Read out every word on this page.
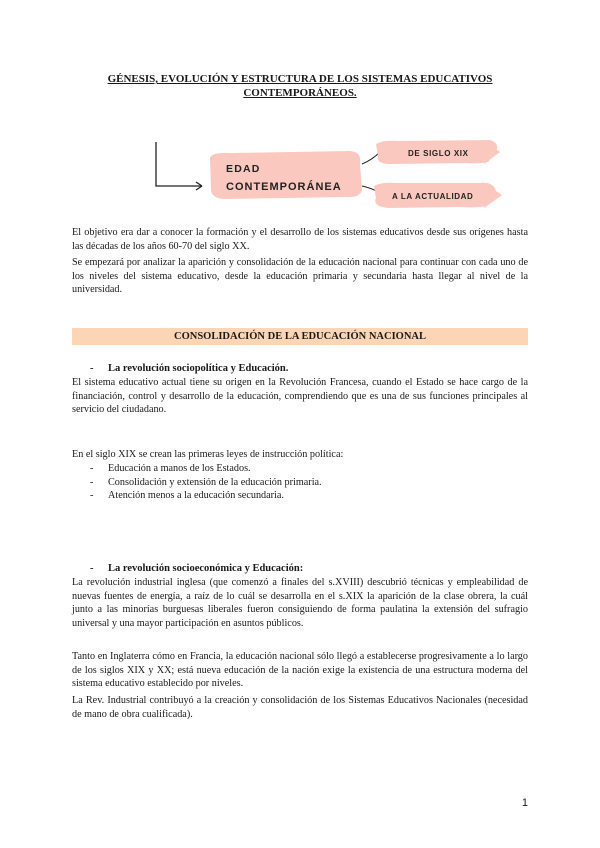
GÉNESIS, EVOLUCIÓN Y ESTRUCTURA DE LOS SISTEMAS EDUCATIVOS
CONTEMPORÁNEOS.
EDAD
CONTEMPORÁNEA
DE SIGLO XIX
A LA ACTUALIDAD

El objetivo era dar a conocer la formación y el desarrollo de los sistemas educativos desde sus orígenes hasta las décadas de los años 60-70 del siglo XX.

Se empezará por analizar la aparición y consolidación de la educación nacional para continuar con cada uno de los niveles del sistema educativo, desde la educación primaria y secundaria hasta llegar al nivel de la universidad.

CONSOLIDACIÓN DE LA EDUCACIÓN NACIONAL
- La revolución sociopolítica y Educación.

El sistema educativo actual tiene su origen en la Revolución Francesa, cuando el Estado se hace cargo de la financiación, control y desarrollo de la educación, comprendiendo que es una de sus funciones principales al servicio del ciudadano.

En el siglo XIX se crean las primeras leyes de instrucción política:

- Educación a manos de los Estados.
- Consolidación y extensión de la educación primaria.
- Atención menos a la educación secundaria.
- La revolución socioeconómica y Educación:

La revolución industrial inglesa (que comenzó a finales del s.XVIII) descubrió técnicas y empleabilidad de nuevas fuentes de energía, a raíz de lo cuál se desarrolla en el s.XIX la aparición de la clase obrera, la cuál junto a las minorías burguesas liberales fueron consiguiendo de forma paulatina la extensión del sufragio universal y una mayor participación en asuntos públicos.

Tanto en Inglaterra cómo en Francia, la educación nacional sólo llegó a establecerse progresivamente a lo largo de los siglos XIX y XX; está nueva educación de la nación exige la existencia de una estructura moderna del sistema educativo establecido por niveles.

La Rev. Industrial contribuyó a la creación y consolidación de los Sistemas Educativos Nacionales (necesidad de mano de obra cualificada).

1
